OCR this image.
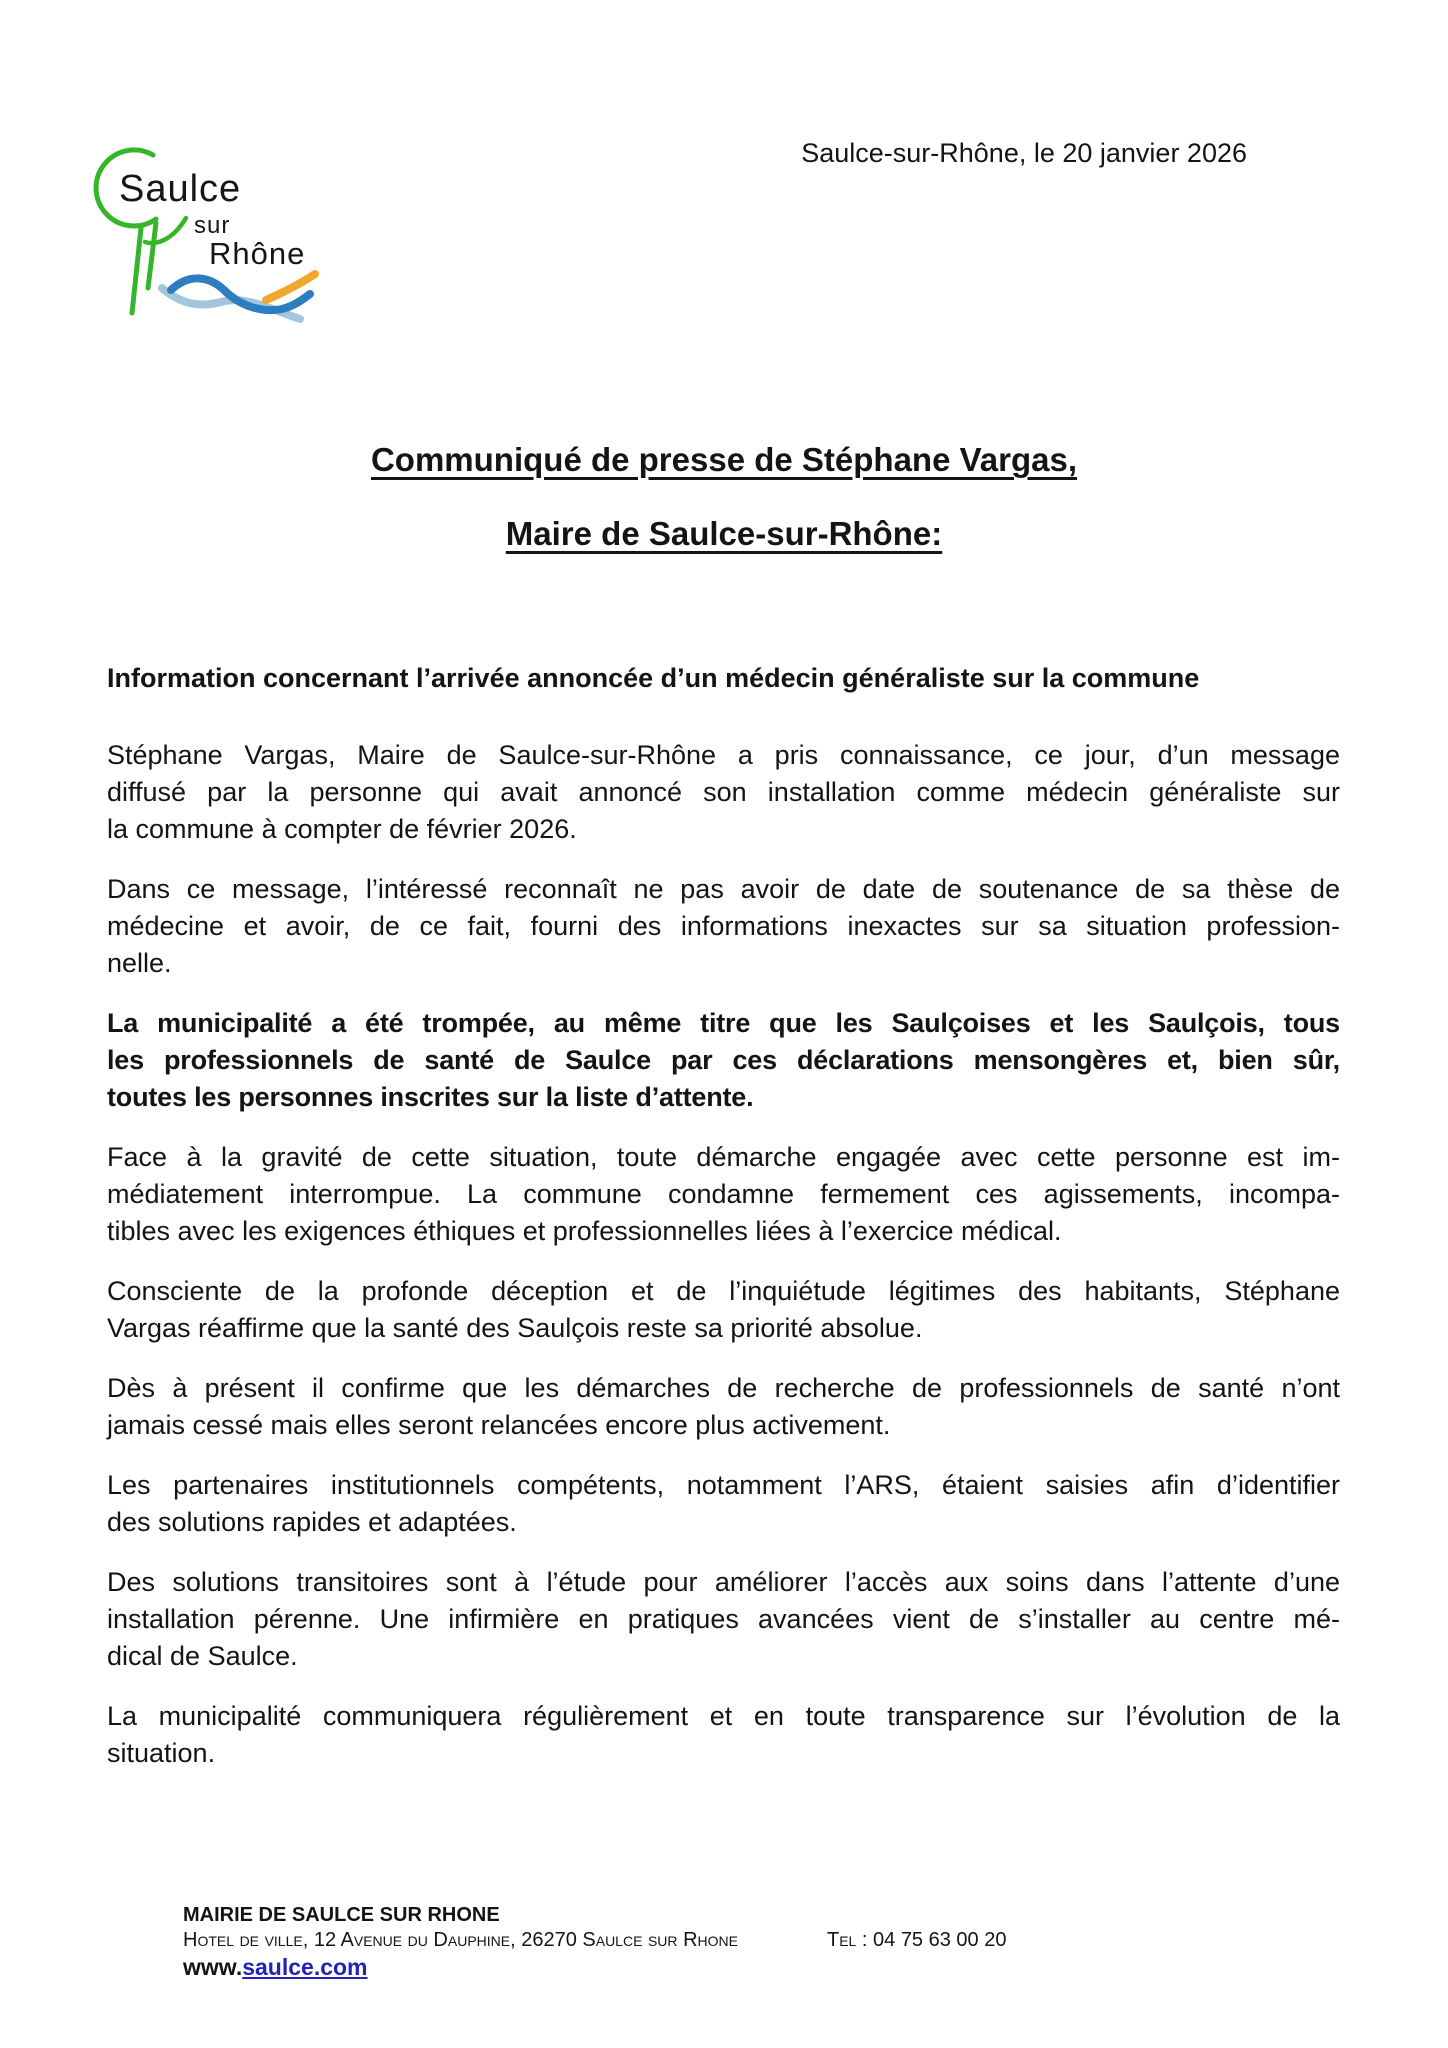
Saulce
sur
Rhône
Saulce-sur-Rhône, le 20 janvier 2026
Communiqué de presse de Stéphane Vargas,
Maire de Saulce-sur-Rhône:
Information concernant l’arrivée annoncée d’un médecin généraliste sur la commune
Stéphane Vargas, Maire de Saulce-sur-Rhône a pris connaissance, ce jour, d’un message
diffusé par la personne qui avait annoncé son installation comme médecin généraliste sur
la commune à compter de février 2026.
Dans ce message, l’intéressé reconnaît ne pas avoir de date de soutenance de sa thèse de
médecine et avoir, de ce fait, fourni des informations inexactes sur sa situation profession-
nelle.
La municipalité a été trompée, au même titre que les Saulçoises et les Saulçois, tous
les professionnels de santé de Saulce par ces déclarations mensongères et, bien sûr,
toutes les personnes inscrites sur la liste d’attente.
Face à la gravité de cette situation, toute démarche engagée avec cette personne est im-
médiatement interrompue. La commune condamne fermement ces agissements, incompa-
tibles avec les exigences éthiques et professionnelles liées à l’exercice médical.
Consciente de la profonde déception et de l’inquiétude légitimes des habitants, Stéphane
Vargas réaffirme que la santé des Saulçois reste sa priorité absolue.
Dès à présent il confirme que les démarches de recherche de professionnels de santé n’ont
jamais cessé mais elles seront relancées encore plus activement.
Les partenaires institutionnels compétents, notamment l’ARS, étaient saisies afin d’identifier
des solutions rapides et adaptées.
Des solutions transitoires sont à l’étude pour améliorer l’accès aux soins dans l’attente d’une
installation pérenne. Une infirmière en pratiques avancées vient de s’installer au centre mé-
dical de Saulce.
La municipalité communiquera régulièrement et en toute transparence sur l’évolution de la
situation.
MAIRIE DE SAULCE SUR RHONE
Hotel de ville, 12 Avenue du Dauphine, 26270 Saulce sur Rhone
www.saulce.com
Tel : 04 75 63 00 20
